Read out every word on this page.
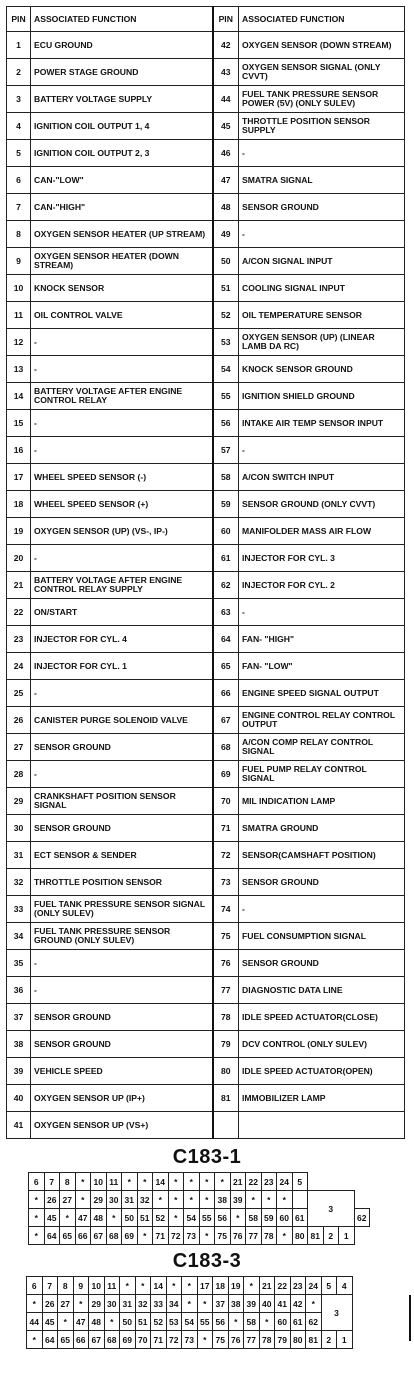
PIN	ASSOCIATED FUNCTION	PIN	ASSOCIATED FUNCTION
1	ECU GROUND	42	OXYGEN SENSOR (DOWN STREAM)
2	POWER STAGE GROUND	43	OXYGEN SENSOR SIGNAL (ONLY CVVT)
3	BATTERY VOLTAGE SUPPLY	44	FUEL TANK PRESSURE SENSOR POWER (5V) (ONLY SULEV)
4	IGNITION COIL OUTPUT 1, 4	45	THROTTLE POSITION SENSOR SUPPLY
5	IGNITION COIL OUTPUT 2, 3	46	-
6	CAN-"LOW"	47	SMATRA SIGNAL
7	CAN-"HIGH"	48	SENSOR GROUND
8	OXYGEN SENSOR HEATER (UP STREAM)	49	-
9	OXYGEN SENSOR HEATER (DOWN STREAM)	50	A/CON SIGNAL INPUT
10	KNOCK SENSOR	51	COOLING SIGNAL INPUT
11	OIL CONTROL VALVE	52	OIL TEMPERATURE SENSOR
12	-	53	OXYGEN SENSOR (UP) (LINEAR LAMB DA RC)
13	-	54	KNOCK SENSOR GROUND
14	BATTERY VOLTAGE AFTER ENGINE CONTROL RELAY	55	IGNITION SHIELD GROUND
15	-	56	INTAKE AIR TEMP SENSOR INPUT
16	-	57	-
17	WHEEL SPEED SENSOR (-)	58	A/CON SWITCH INPUT
18	WHEEL SPEED SENSOR (+)	59	SENSOR GROUND (ONLY CVVT)
19	OXYGEN SENSOR (UP) (VS-, IP-)	60	MANIFOLDER MASS AIR FLOW
20	-	61	INJECTOR FOR CYL. 3
21	BATTERY VOLTAGE AFTER ENGINE CONTROL RELAY SUPPLY	62	INJECTOR FOR CYL. 2
22	ON/START	63	-
23	INJECTOR FOR CYL. 4	64	FAN- "HIGH"
24	INJECTOR FOR CYL. 1	65	FAN- "LOW"
25	-	66	ENGINE SPEED SIGNAL OUTPUT
26	CANISTER PURGE SOLENOID VALVE	67	ENGINE CONTROL RELAY CONTROL OUTPUT
27	SENSOR GROUND	68	A/CON COMP RELAY CONTROL SIGNAL
28	-	69	FUEL PUMP RELAY CONTROL SIGNAL
29	CRANKSHAFT POSITION SENSOR SIGNAL	70	MIL INDICATION LAMP
30	SENSOR GROUND	71	SMATRA GROUND
31	ECT SENSOR & SENDER	72	SENSOR(CAMSHAFT POSITION)
32	THROTTLE POSITION SENSOR	73	SENSOR GROUND
33	FUEL TANK PRESSURE SENSOR SIGNAL (ONLY SULEV)	74	-
34	FUEL TANK PRESSURE SENSOR GROUND (ONLY SULEV)	75	FUEL CONSUMPTION SIGNAL
35	-	76	SENSOR GROUND
36	-	77	DIAGNOSTIC DATA LINE
37	SENSOR GROUND	78	IDLE SPEED ACTUATOR(CLOSE)
38	SENSOR GROUND	79	DCV CONTROL (ONLY SULEV)
39	VEHICLE SPEED	80	IDLE SPEED ACTUATOR(OPEN)
40	OXYGEN SENSOR UP (IP+)	81	IMMOBILIZER LAMP
41	OXYGEN SENSOR UP (VS+)		
C183-1
6	7	8	*	10	11	*	*	14	*	*	*	*	21	22	23	24	5				
*	26	27	*	29	30	31	32	*	*	*	*	38	39	*	*	*		3			
*	45	*	47	48	*	50	51	52	*	54	55	56	*	58	59	60	61				62
*	64	65	66	67	68	69	*	71	72	73	*	75	76	77	78	*	80	81	2	1	
C183-3
6	7	8	9	10	11	*	*	14	*	*	17	18	19	*	21	22	23	24	5	4
*	26	27	*	29	30	31	32	33	34	*	*	37	38	39	40	41	42	*	3	
44	45	*	47	48	*	50	51	52	53	54	55	56	*	58	*	60	61	62		
*	64	65	66	67	68	69	70	71	72	73	*	75	76	77	78	79	80	81	2	1
